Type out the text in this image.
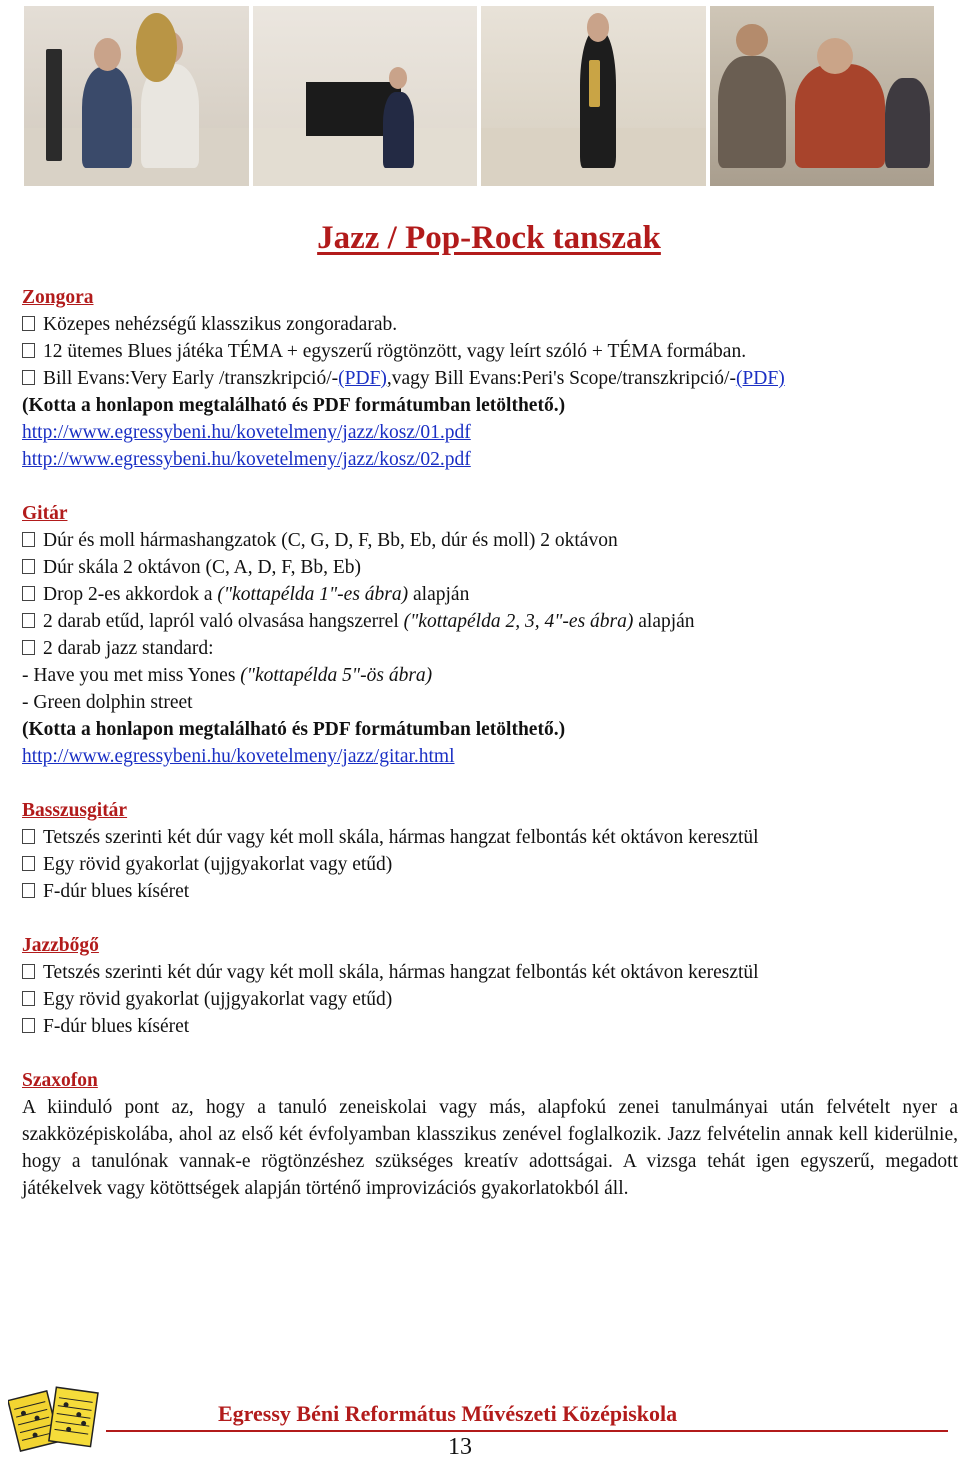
Jazz / Pop-Rock tanszak
Zongora
Közepes nehézségű klasszikus zongoradarab.
12 ütemes Blues játéka TÉMA + egyszerű rögtönzött, vagy leírt szóló + TÉMA formában.
Bill Evans:Very Early /transzkripció/-(PDF),vagy Bill Evans:Peri's Scope/transzkripció/-(PDF)
(Kotta a honlapon megtalálható és PDF formátumban letölthető.)
http://www.egressybeni.hu/kovetelmeny/jazz/kosz/01.pdf
http://www.egressybeni.hu/kovetelmeny/jazz/kosz/02.pdf
Gitár
Dúr és moll hármashangzatok (C, G, D, F, Bb, Eb, dúr és moll) 2 oktávon
Dúr skála 2 oktávon (C, A, D, F, Bb, Eb)
Drop 2-es akkordok a ("kottapélda 1"-es ábra) alapján
2 darab etűd, lapról való olvasása hangszerrel ("kottapélda 2, 3, 4"-es ábra) alapján
2 darab jazz standard:
- Have you met miss Yones ("kottapélda 5"-ös ábra)
- Green dolphin street
(Kotta a honlapon megtalálható és PDF formátumban letölthető.)
http://www.egressybeni.hu/kovetelmeny/jazz/gitar.html
Basszusgitár
Tetszés szerinti két dúr vagy két moll skála, hármas hangzat felbontás két oktávon keresztül
Egy rövid gyakorlat (ujjgyakorlat vagy etűd)
F-dúr blues kíséret
Jazzbőgő
Tetszés szerinti két dúr vagy két moll skála, hármas hangzat felbontás két oktávon keresztül
Egy rövid gyakorlat (ujjgyakorlat vagy etűd)
F-dúr blues kíséret
Szaxofon

A kiinduló pont az, hogy a tanuló zeneiskolai vagy más, alapfokú zenei tanulmányai után felvételt nyer a szakközépiskolába, ahol az első két évfolyamban klasszikus zenével foglalkozik. Jazz felvételin annak kell kiderülnie, hogy a tanulónak vannak-e rögtönzéshez szükséges kreatív adottságai. A vizsga tehát igen egyszerű, megadott játékelvek vagy kötöttségek alapján történő improvizációs gyakorlatokból áll.

Egressy Béni Református Művészeti Középiskola
13
